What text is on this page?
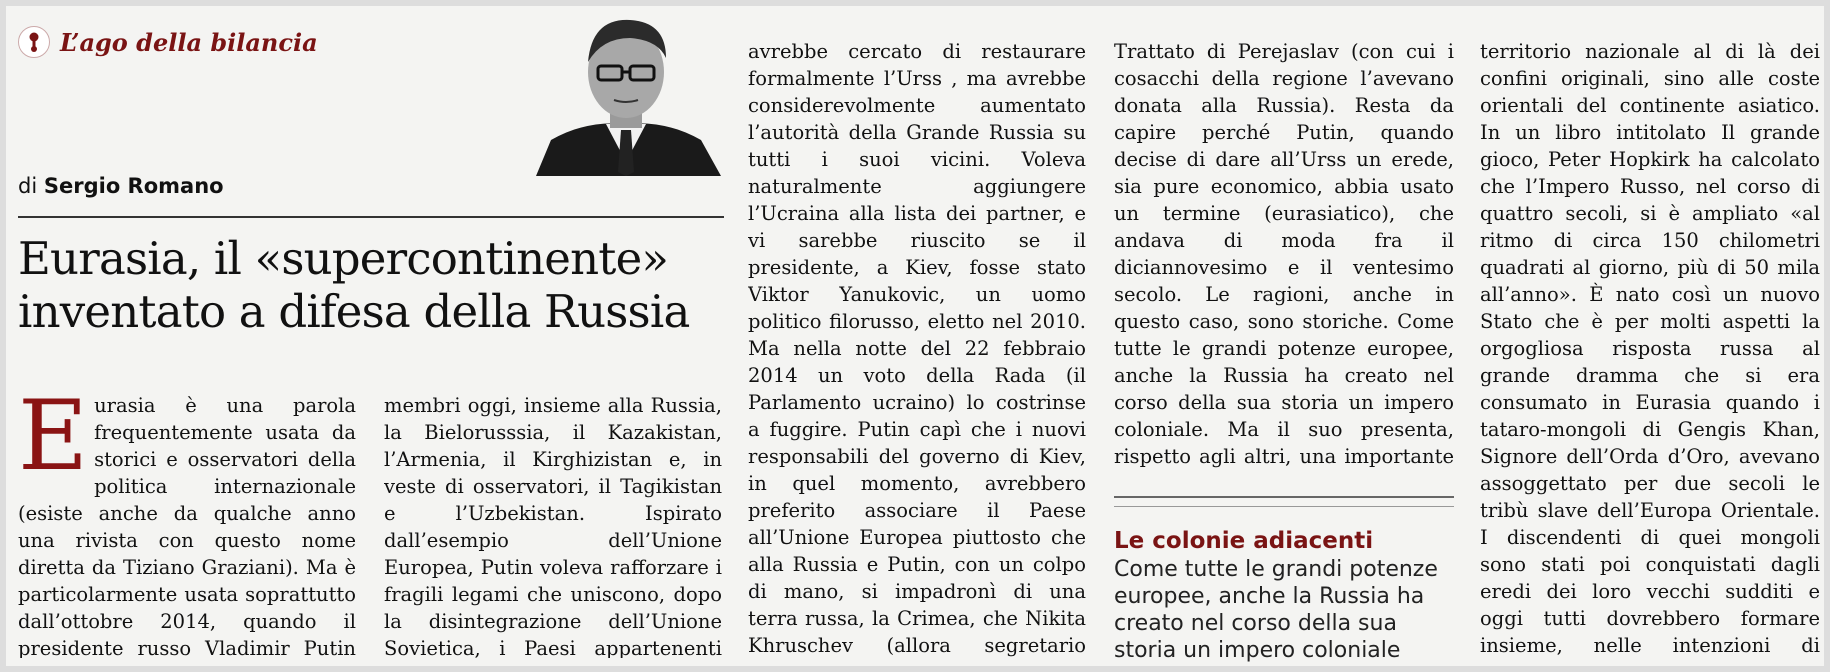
L’ago della bilancia
di Sergio Romano
Eurasia, il «supercontinente»
inventato a difesa della Russia
Eurasia è una parola frequentemente usata da storici e osservatori della politica internazionale (esiste anche da qualche anno una rivista con questo nome diretta da Tiziano Graziani). Ma è particolarmente usata soprattutto dall’ottobre 2014, quando il presidente russo Vladimir Putin
membri oggi, insieme alla Russia, la Bielorusssia, il Kazakistan, l’Armenia, il Kirghizistan e, in veste di osservatori, il Tagikistan e l’Uzbekistan. Ispirato dall’esempio dell’Unione Europea, Putin voleva rafforzare i fragili legami che uniscono, dopo la disintegrazione dell’Unione Sovietica, i Paesi appartenenti
avrebbe cercato di restaurare formalmente l’Urss , ma avrebbe considerevolmente aumentato l’autorità della Grande Russia su tutti i suoi vicini. Voleva naturalmente aggiungere l’Ucraina alla lista dei partner, e vi sarebbe riuscito se il presidente, a Kiev, fosse stato Viktor Yanukovic, un uomo politico filorusso, eletto nel 2010. Ma nella notte del 22 febbraio 2014 un voto della Rada (il Parlamento ucraino) lo costrinse a fuggire. Putin capì che i nuovi responsabili del governo di Kiev, in quel momento, avrebbero preferito associare il Paese all’Unione Europea piuttosto che alla Russia e Putin, con un colpo di mano, si impadronì di una terra russa, la Crimea, che Nikita Khruschev (allora segretario
Trattato di Perejaslav (con cui i cosacchi della regione l’avevano donata alla Russia). Resta da capire perché Putin, quando decise di dare all’Urss un erede, sia pure economico, abbia usato un termine (eurasiatico), che andava di moda fra il diciannovesimo e il ventesimo secolo. Le ragioni, anche in questo caso, sono storiche. Come tutte le grandi potenze europee, anche la Russia ha creato nel corso della sua storia un impero coloniale. Ma il suo presenta, rispetto agli altri, una importante
Le colonie adiacenti
Come tutte le grandi potenze europee, anche la Russia ha creato nel corso della sua storia un impero coloniale
territorio nazionale al di là dei confini originali, sino alle coste orientali del continente asiatico. In un libro intitolato Il grande gioco, Peter Hopkirk ha calcolato che l’Impero Russo, nel corso di quattro secoli, si è ampliato «al ritmo di circa 150 chilometri quadrati al giorno, più di 50 mila all’anno». È nato così un nuovo Stato che è per molti aspetti la orgogliosa risposta russa al grande dramma che si era consumato in Eurasia quando i tataro-mongoli di Gengis Khan, Signore dell’Orda d’Oro, avevano assoggettato per due secoli le tribù slave dell’Europa Orientale. I discendenti di quei mongoli sono stati poi conquistati dagli eredi dei loro vecchi sudditi e oggi tutti dovrebbero formare insieme, nelle intenzioni di
